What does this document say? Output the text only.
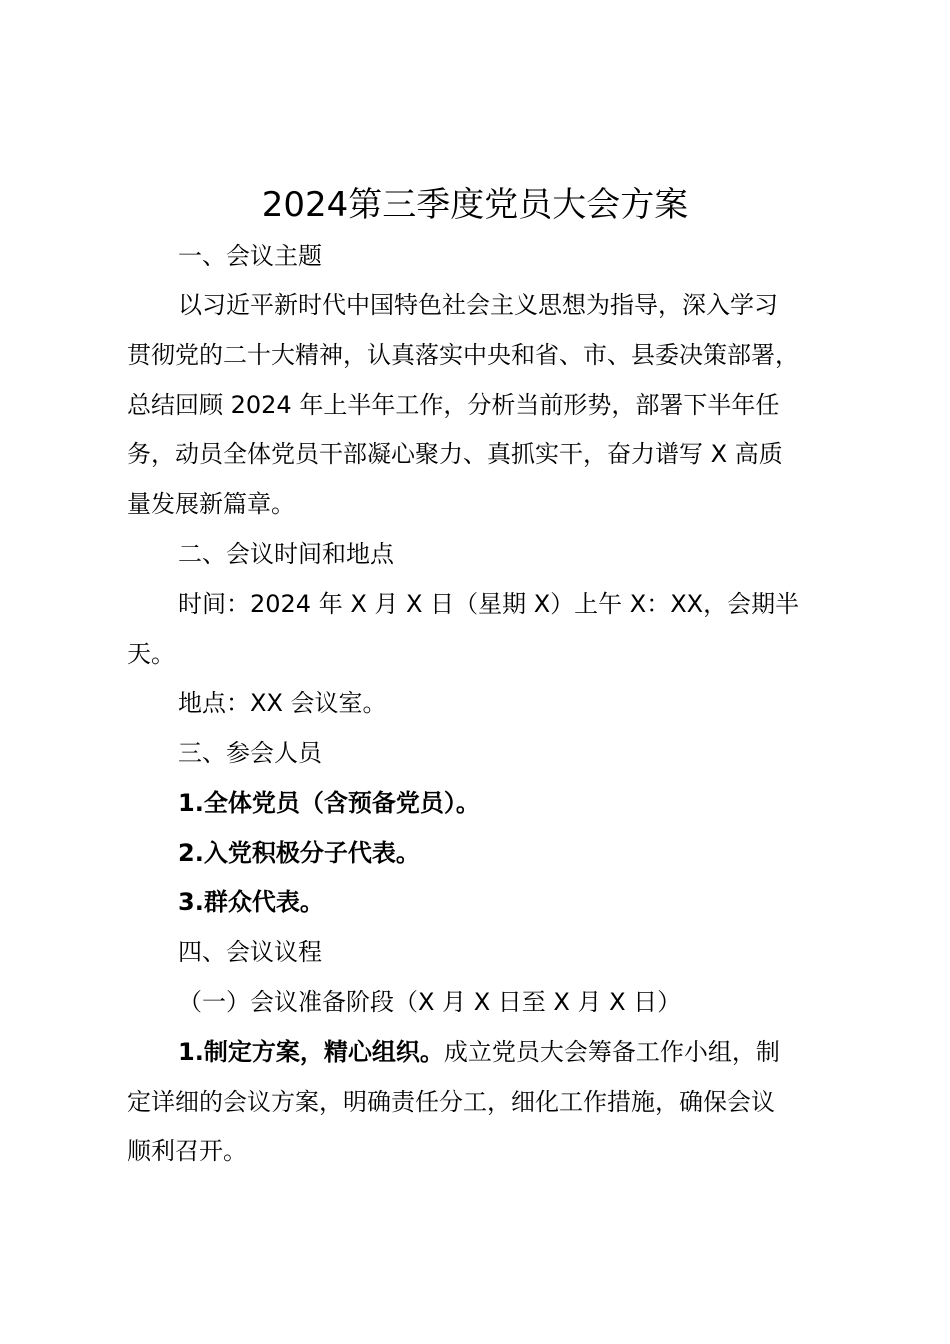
2024第三季度党员大会方案
一、会议主题
以习近平新时代中国特色社会主义思想为指导，深入学习
贯彻党的二十大精神，认真落实中央和省、市、县委决策部署，
总结回顾 2024 年上半年工作，分析当前形势，部署下半年任
务，动员全体党员干部凝心聚力、真抓实干，奋力谱写 X 高质
量发展新篇章。
二、会议时间和地点
时间：2024 年 X 月 X 日（星期 X）上午 X：XX，会期半
天。
地点：XX 会议室。
三、参会人员
1.全体党员（含预备党员）。
2.入党积极分子代表。
3.群众代表。
四、会议议程
（一）会议准备阶段（X 月 X 日至 X 月 X 日）
1.制定方案，精心组织。成立党员大会筹备工作小组，制
定详细的会议方案，明确责任分工，细化工作措施，确保会议
顺利召开。
